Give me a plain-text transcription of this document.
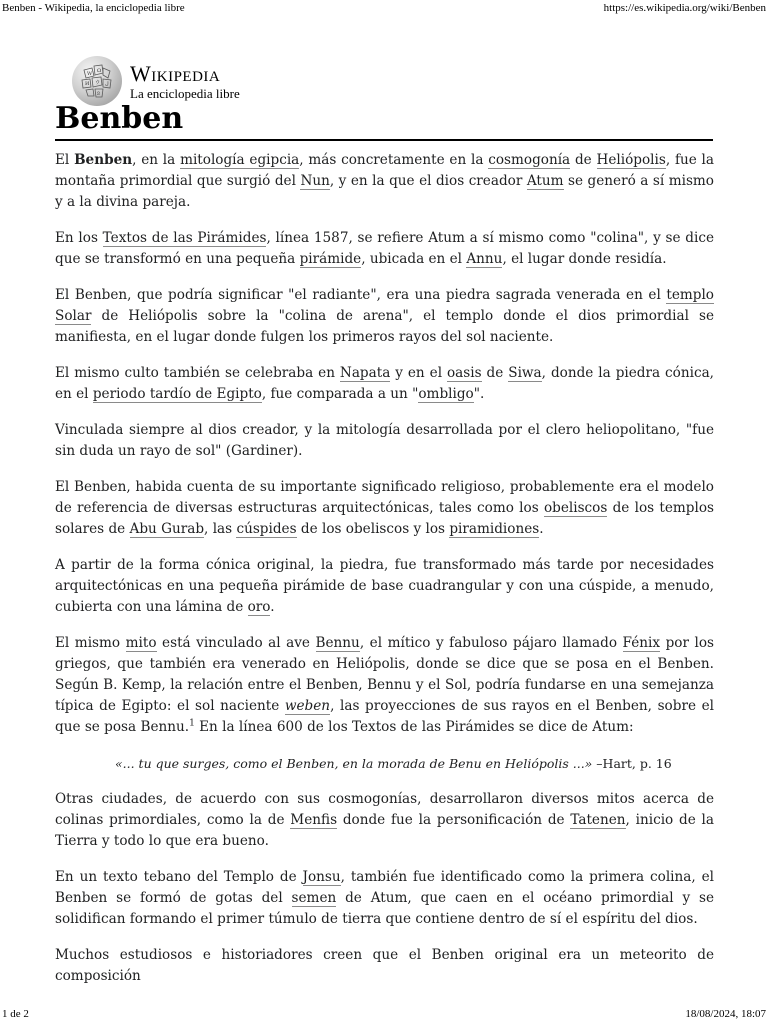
Benben - Wikipedia, la enciclopedia libre	https://es.wikipedia.org/wiki/Benben
W Ω
И ウ ل
ვ
Wikipedia
La enciclopedia libre
Benben

El Benben, en la mitología egipcia, más concretamente en la cosmogonía de Heliópolis, fue la montaña primordial que surgió del Nun, y en la que el dios creador Atum se generó a sí mismo y a la divina pareja.

En los Textos de las Pirámides, línea 1587, se refiere Atum a sí mismo como "colina", y se dice que se transformó en una pequeña pirámide, ubicada en el Annu, el lugar donde residía.

El Benben, que podría significar "el radiante", era una piedra sagrada venerada en el templo Solar de Heliópolis sobre la "colina de arena", el templo donde el dios primordial se manifiesta, en el lugar donde fulgen los primeros rayos del sol naciente.

El mismo culto también se celebraba en Napata y en el oasis de Siwa, donde la piedra cónica, en el periodo tardío de Egipto, fue comparada a un "ombligo".

Vinculada siempre al dios creador, y la mitología desarrollada por el clero heliopolitano, "fue sin duda un rayo de sol" (Gardiner).

El Benben, habida cuenta de su importante significado religioso, probablemente era el modelo de referencia de diversas estructuras arquitectónicas, tales como los obeliscos de los templos solares de Abu Gurab, las cúspides de los obeliscos y los piramidiones.

A partir de la forma cónica original, la piedra, fue transformado más tarde por necesidades arquitectónicas en una pequeña pirámide de base cuadrangular y con una cúspide, a menudo, cubierta con una lámina de oro.

El mismo mito está vinculado al ave Bennu, el mítico y fabuloso pájaro llamado Fénix por los griegos, que también era venerado en Heliópolis, donde se dice que se posa en el Benben. Según B. Kemp, la relación entre el Benben, Bennu y el Sol, podría fundarse en una semejanza típica de Egipto: el sol naciente weben, las proyecciones de sus rayos en el Benben, sobre el que se posa Bennu.$^1$ En la línea 600 de los Textos de las Pirámides se dice de Atum:

«... tu que surges, como el Benben, en la morada de Benu en Heliópolis ...» –Hart, p. 16

Otras ciudades, de acuerdo con sus cosmogonías, desarrollaron diversos mitos acerca de colinas primordiales, como la de Menfis donde fue la personificación de Tatenen, inicio de la Tierra y todo lo que era bueno.

En un texto tebano del Templo de Jonsu, también fue identificado como la primera colina, el Benben se formó de gotas del semen de Atum, que caen en el océano primordial y se solidifican formando el primer túmulo de tierra que contiene dentro de sí el espíritu del dios.

Muchos estudiosos e historiadores creen que el Benben original era un meteorito de composición

1 de 2	18/08/2024, 18:07
